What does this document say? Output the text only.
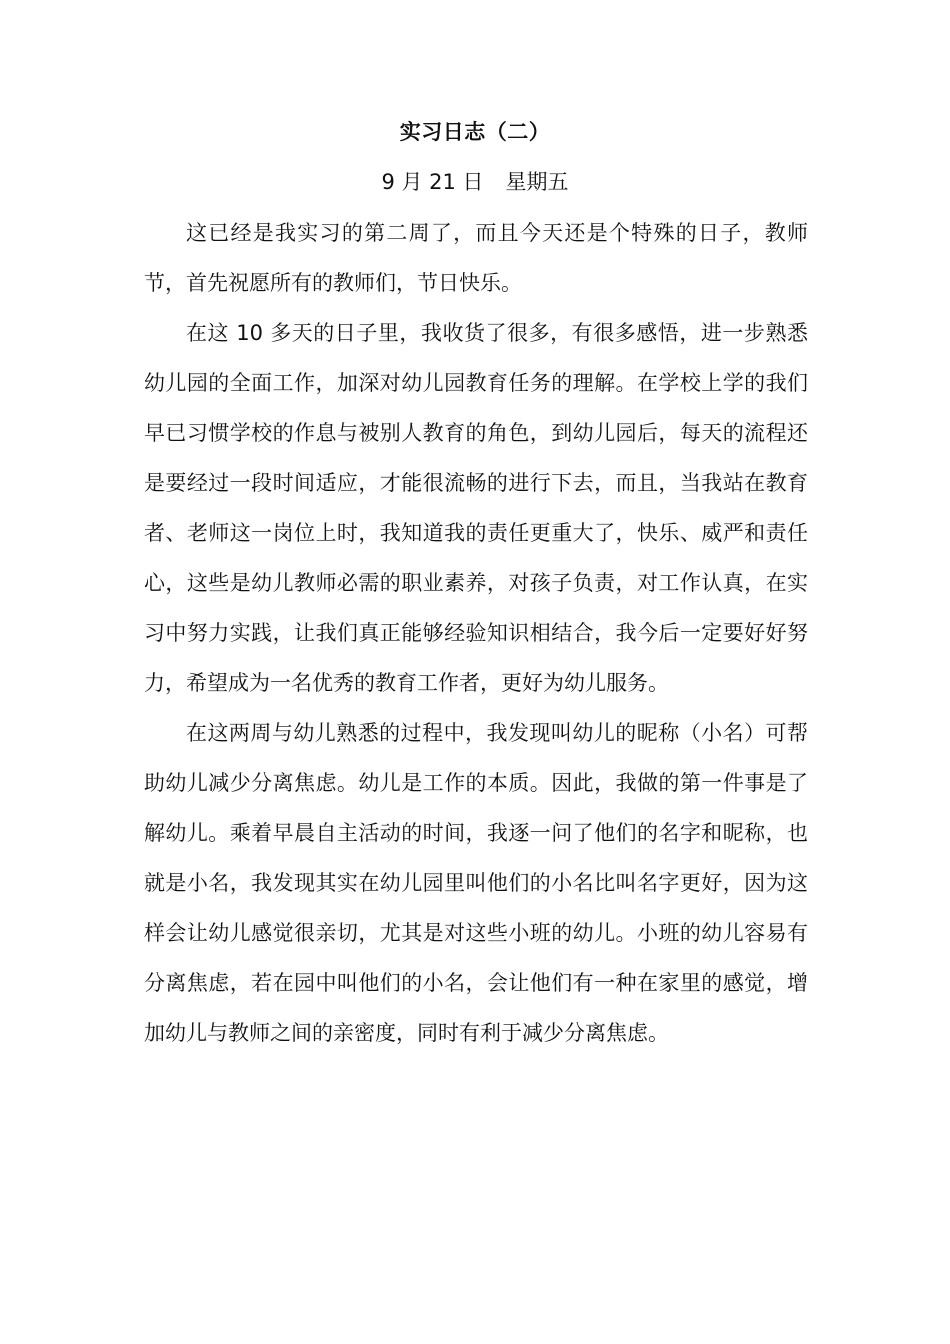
实习日志（二）
9 月 21 日 星期五

这已经是我实习的第二周了，而且今天还是个特殊的日子，教师节，首先祝愿所有的教师们，节日快乐。

在这 10 多天的日子里，我收货了很多，有很多感悟，进一步熟悉幼儿园的全面工作，加深对幼儿园教育任务的理解。在学校上学的我们早已习惯学校的作息与被别人教育的角色，到幼儿园后，每天的流程还是要经过一段时间适应，才能很流畅的进行下去，而且，当我站在教育者、老师这一岗位上时，我知道我的责任更重大了，快乐、威严和责任心，这些是幼儿教师必需的职业素养，对孩子负责，对工作认真，在实习中努力实践，让我们真正能够经验知识相结合，我今后一定要好好努力，希望成为一名优秀的教育工作者，更好为幼儿服务。

在这两周与幼儿熟悉的过程中，我发现叫幼儿的昵称（小名）可帮助幼儿减少分离焦虑。幼儿是工作的本质。因此，我做的第一件事是了解幼儿。乘着早晨自主活动的时间，我逐一问了他们的名字和昵称，也就是小名，我发现其实在幼儿园里叫他们的小名比叫名字更好，因为这样会让幼儿感觉很亲切，尤其是对这些小班的幼儿。小班的幼儿容易有分离焦虑，若在园中叫他们的小名，会让他们有一种在家里的感觉，增加幼儿与教师之间的亲密度，同时有利于减少分离焦虑。
